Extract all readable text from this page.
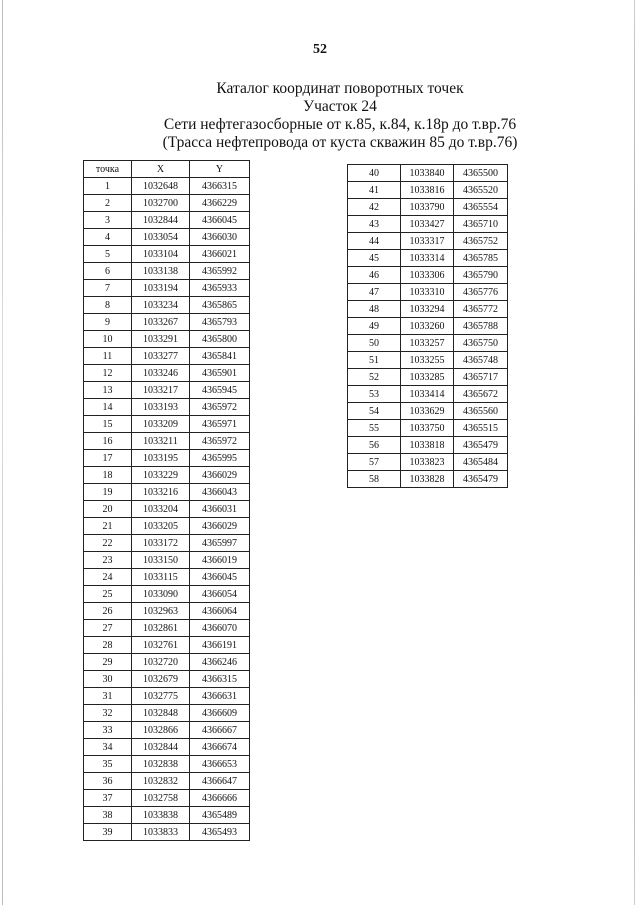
52
Каталог координат поворотных точек
Участок 24
Сети нефтегазосборные от к.85, к.84, к.18р до т.вр.76
(Трасса нефтепровода от куста скважин 85 до т.вр.76)
точка	X	Y
1	1032648	4366315
2	1032700	4366229
3	1032844	4366045
4	1033054	4366030
5	1033104	4366021
6	1033138	4365992
7	1033194	4365933
8	1033234	4365865
9	1033267	4365793
10	1033291	4365800
11	1033277	4365841
12	1033246	4365901
13	1033217	4365945
14	1033193	4365972
15	1033209	4365971
16	1033211	4365972
17	1033195	4365995
18	1033229	4366029
19	1033216	4366043
20	1033204	4366031
21	1033205	4366029
22	1033172	4365997
23	1033150	4366019
24	1033115	4366045
25	1033090	4366054
26	1032963	4366064
27	1032861	4366070
28	1032761	4366191
29	1032720	4366246
30	1032679	4366315
31	1032775	4366631
32	1032848	4366609
33	1032866	4366667
34	1032844	4366674
35	1032838	4366653
36	1032832	4366647
37	1032758	4366666
38	1033838	4365489
39	1033833	4365493
40	1033840	4365500
41	1033816	4365520
42	1033790	4365554
43	1033427	4365710
44	1033317	4365752
45	1033314	4365785
46	1033306	4365790
47	1033310	4365776
48	1033294	4365772
49	1033260	4365788
50	1033257	4365750
51	1033255	4365748
52	1033285	4365717
53	1033414	4365672
54	1033629	4365560
55	1033750	4365515
56	1033818	4365479
57	1033823	4365484
58	1033828	4365479
